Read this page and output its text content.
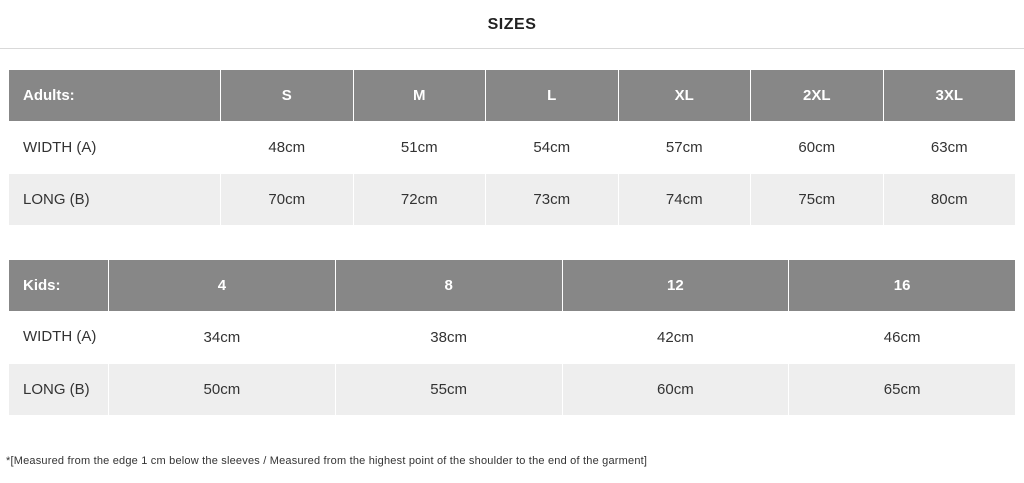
SIZES
Adults:	S	M	L	XL	2XL	3XL
WIDTH (A)	48cm	51cm	54cm	57cm	60cm	63cm
LONG (B)	70cm	72cm	73cm	74cm	75cm	80cm
Kids:	4	8	12	16
WIDTH (A)	34cm	38cm	42cm	46cm
LONG (B)	50cm	55cm	60cm	65cm
*[Measured from the edge 1 cm below the sleeves / Measured from the highest point of the shoulder to the end of the garment]
